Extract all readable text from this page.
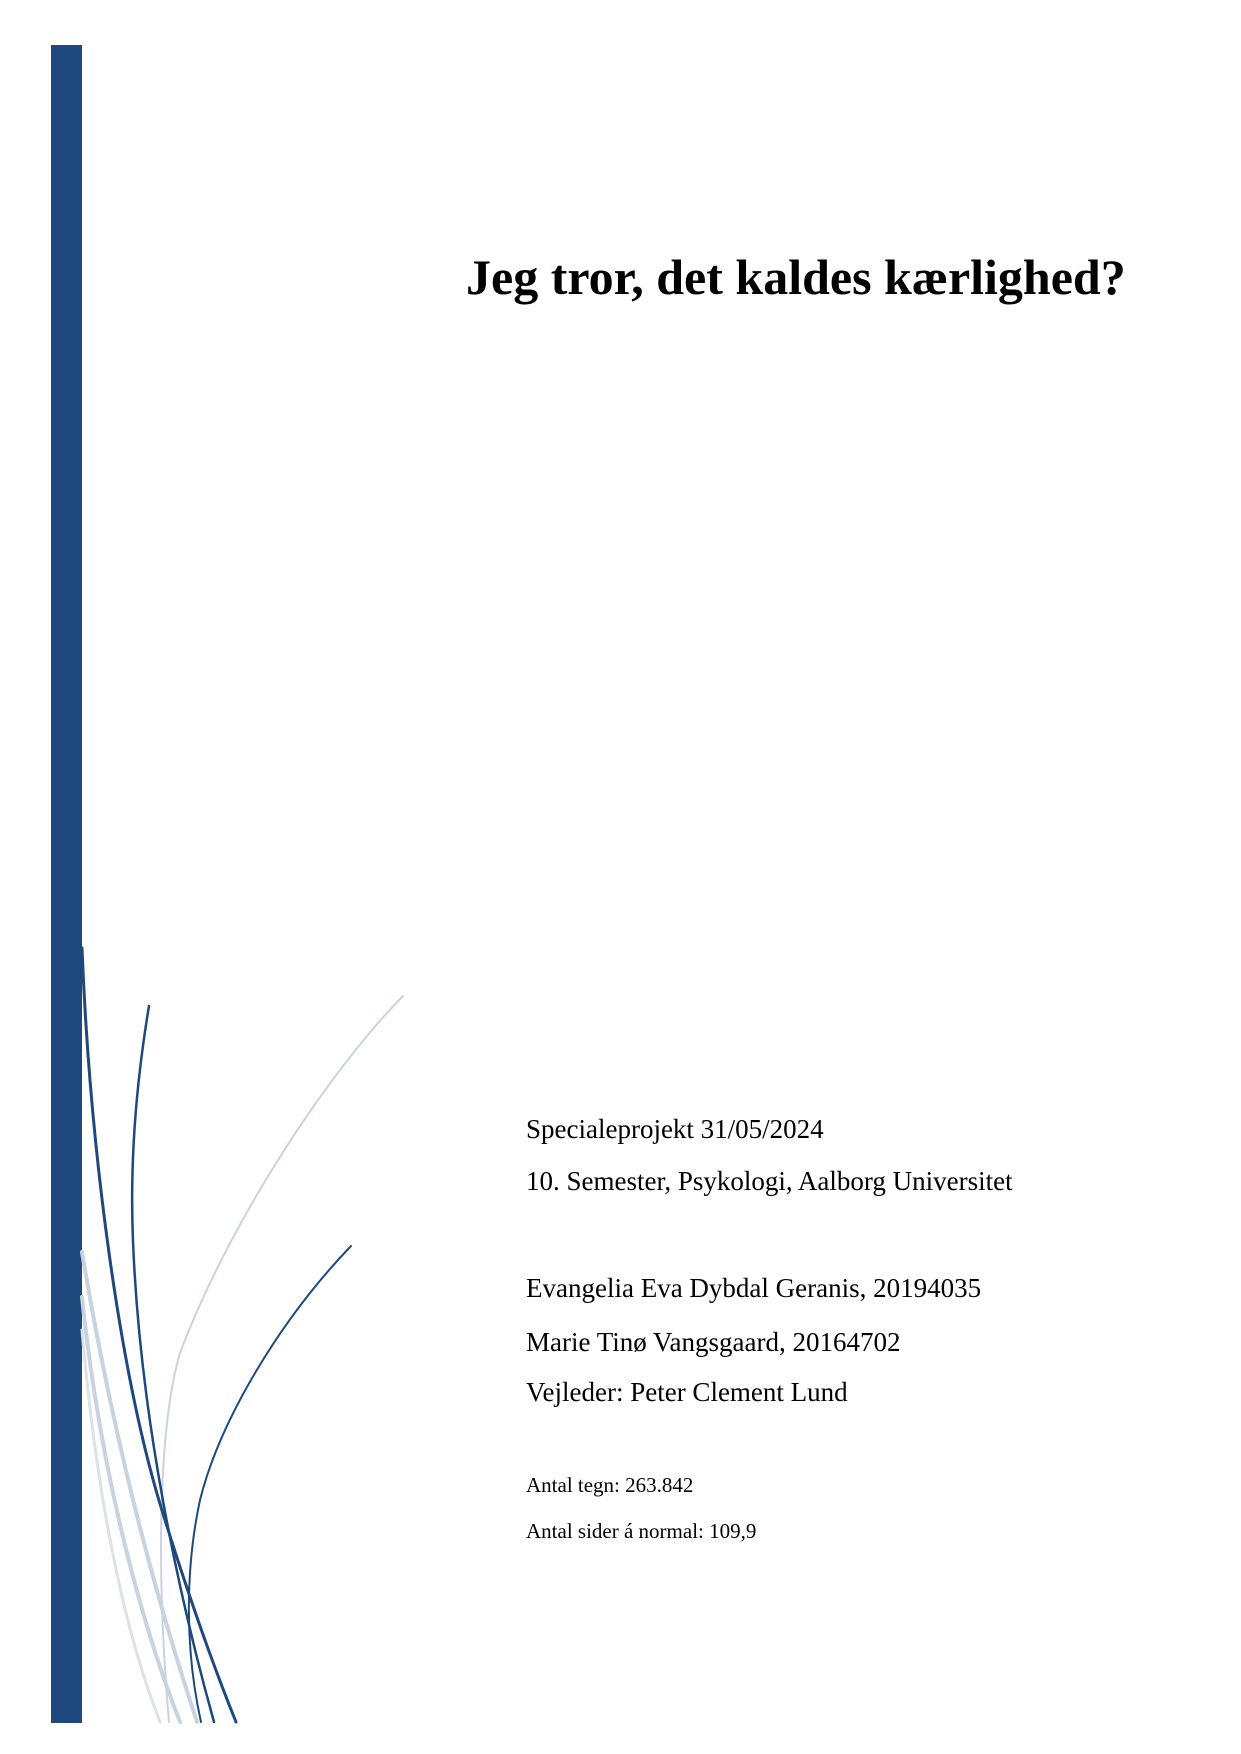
Jeg tror, det kaldes kærlighed?
Specialeprojekt 31/05/2024
10. Semester, Psykologi, Aalborg Universitet
Evangelia Eva Dybdal Geranis, 20194035
Marie Tinø Vangsgaard, 20164702
Vejleder: Peter Clement Lund
Antal tegn: 263.842
Antal sider á normal: 109,9
